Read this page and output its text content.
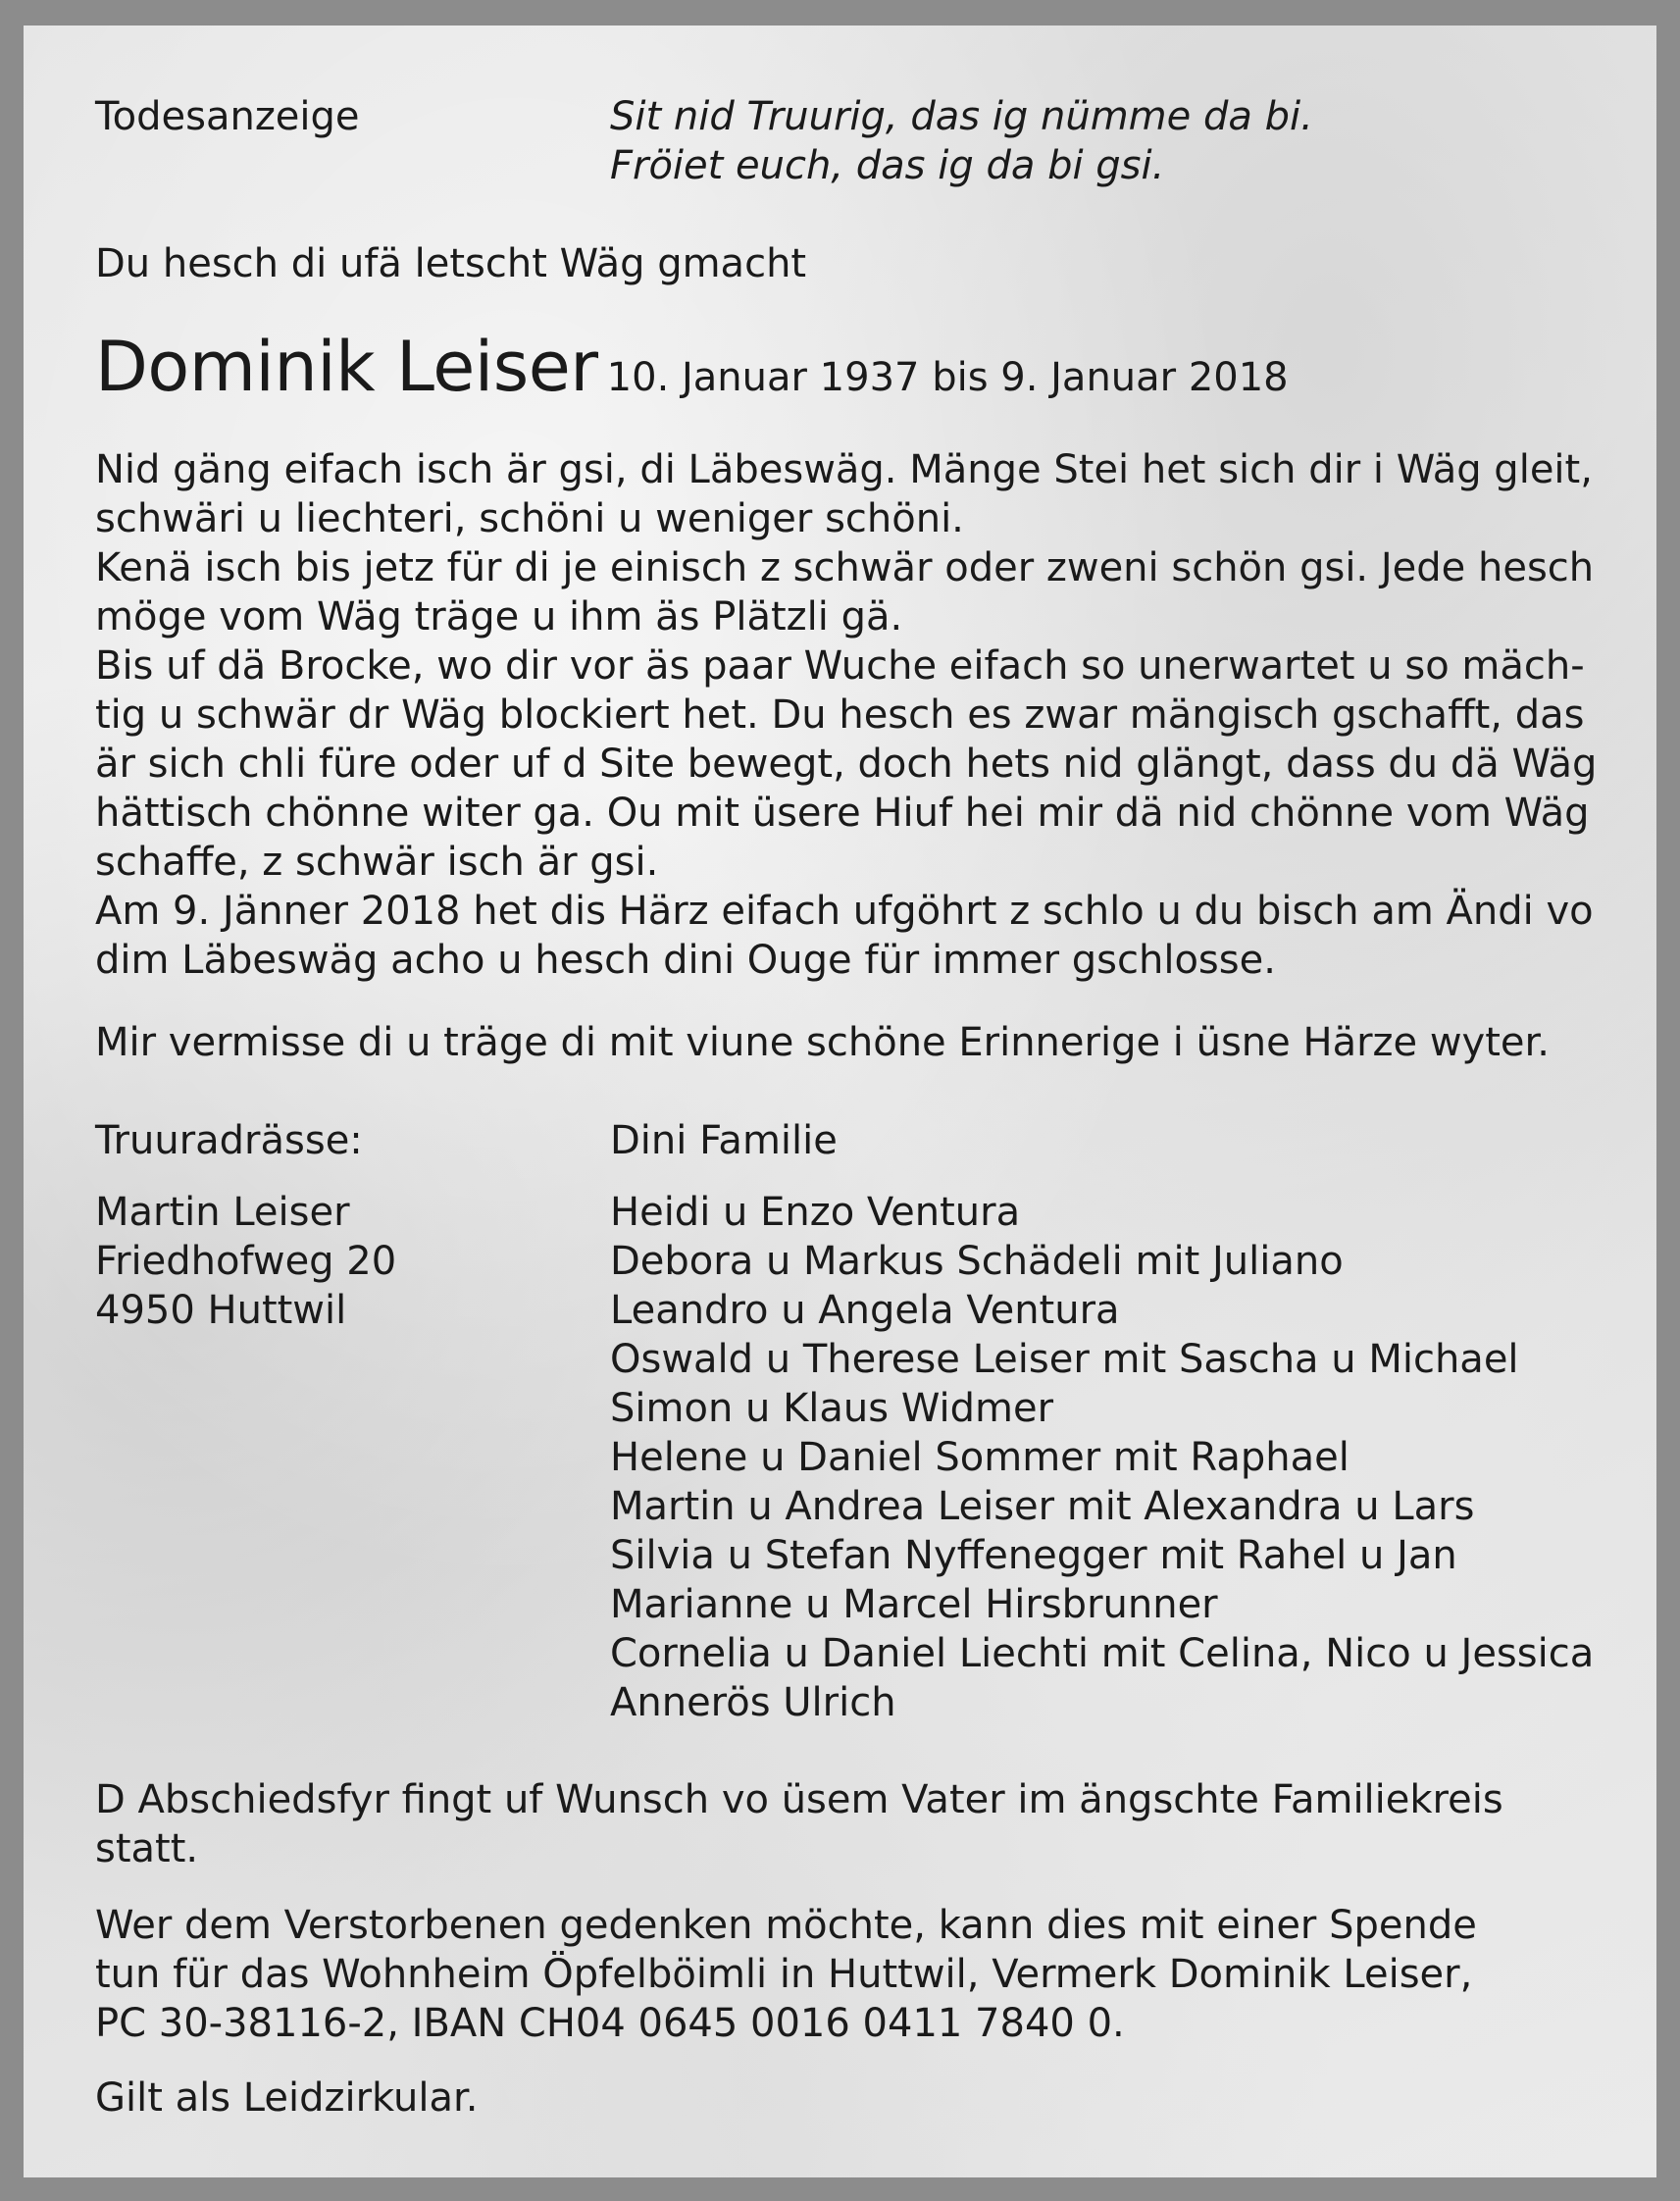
Todesanzeige	Sit nid Truurig, das ig nümme da bi.
Fröiet euch, das ig da bi gsi.
Du hesch di ufä letscht Wäg gmacht
Dominik Leiser 10. Januar 1937 bis 9. Januar 2018
Nid gäng eifach isch är gsi, di Läbeswäg. Mänge Stei het sich dir i Wäg gleit,
schwäri u liechteri, schöni u weniger schöni.
Kenä isch bis jetz für di je einisch z schwär oder zweni schön gsi. Jede hesch
möge vom Wäg träge u ihm äs Plätzli gä.
Bis uf dä Brocke, wo dir vor äs paar Wuche eifach so unerwartet u so mäch-
tig u schwär dr Wäg blockiert het. Du hesch es zwar mängisch gschafft, das
är sich chli füre oder uf d Site bewegt, doch hets nid glängt, dass du dä Wäg
hättisch chönne witer ga. Ou mit üsere Hiuf hei mir dä nid chönne vom Wäg
schaffe, z schwär isch är gsi.
Am 9. Jänner 2018 het dis Härz eifach ufgöhrt z schlo u du bisch am Ändi vo
dim Läbeswäg acho u hesch dini Ouge für immer gschlosse.
Mir vermisse di u träge di mit viune schöne Erinnerige i üsne Härze wyter.
Truuradrässe:	Dini Familie
Martin Leiser
Friedhofweg 20
4950 Huttwil
Heidi u Enzo Ventura
Debora u Markus Schädeli mit Juliano
Leandro u Angela Ventura
Oswald u Therese Leiser mit Sascha u Michael
Simon u Klaus Widmer
Helene u Daniel Sommer mit Raphael
Martin u Andrea Leiser mit Alexandra u Lars
Silvia u Stefan Nyffenegger mit Rahel u Jan
Marianne u Marcel Hirsbrunner
Cornelia u Daniel Liechti mit Celina, Nico u Jessica
Annerös Ulrich
D Abschiedsfyr fingt uf Wunsch vo üsem Vater im ängschte Familiekreis
statt.
Wer dem Verstorbenen gedenken möchte, kann dies mit einer Spende
tun für das Wohnheim Öpfelböimli in Huttwil, Vermerk Dominik Leiser,
PC 30-38116-2, IBAN CH04 0645 0016 0411 7840 0.
Gilt als Leidzirkular.
